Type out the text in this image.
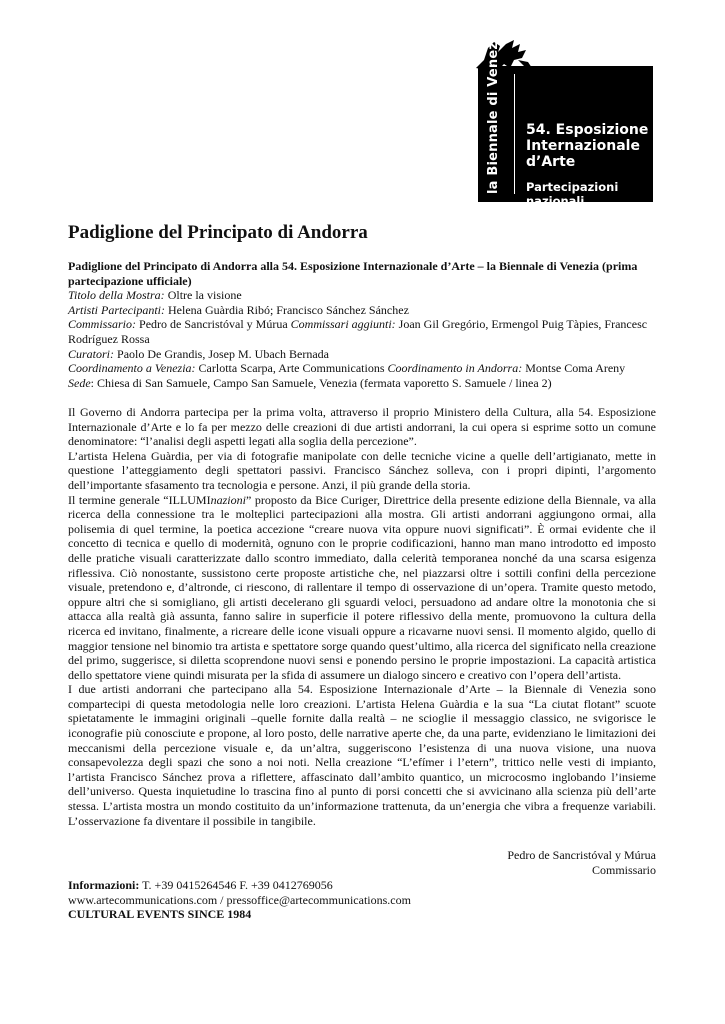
la Biennale di Venezia 54. Esposizione
Internazionale
d’Arte
Partecipazioni nazionali
Padiglione del Principato di Andorra

Padiglione del Principato di Andorra alla 54. Esposizione Internazionale d’Arte – la Biennale di Venezia (prima partecipazione ufficiale)

Titolo della Mostra: Oltre la visione

Artisti Partecipanti: Helena Guàrdia Ribó; Francisco Sánchez Sánchez

Commissario: Pedro de Sancristóval y Múrua Commissari aggiunti: Joan Gil Gregório, Ermengol Puig Tàpies, Francesc Rodríguez Rossa

Curatori: Paolo De Grandis, Josep M. Ubach Bernada

Coordinamento a Venezia: Carlotta Scarpa, Arte Communications Coordinamento in Andorra: Montse Coma Areny

Sede: Chiesa di San Samuele, Campo San Samuele, Venezia (fermata vaporetto S. Samuele / linea 2)

Il Governo di Andorra partecipa per la prima volta, attraverso il proprio Ministero della Cultura, alla 54. Esposizione Internazionale d’Arte e lo fa per mezzo delle creazioni di due artisti andorrani, la cui opera si esprime sotto un comune denominatore: “l’analisi degli aspetti legati alla soglia della percezione”.

L’artista Helena Guàrdia, per via di fotografie manipolate con delle tecniche vicine a quelle dell’artigianato, mette in questione l’atteggiamento degli spettatori passivi. Francisco Sánchez solleva, con i propri dipinti, l’argomento dell’importante sfasamento tra tecnologia e persone. Anzi, il più grande della storia.

Il termine generale “ILLUMInazioni” proposto da Bice Curiger, Direttrice della presente edizione della Biennale, va alla ricerca della connessione tra le molteplici partecipazioni alla mostra. Gli artisti andorrani aggiungono ormai, alla polisemia di quel termine, la poetica accezione “creare nuova vita oppure nuovi significati”. È ormai evidente che il concetto di tecnica e quello di modernità, ognuno con le proprie codificazioni, hanno man mano introdotto ed imposto delle pratiche visuali caratterizzate dallo scontro immediato, dalla celerità temporanea nonché da una scarsa esigenza riflessiva. Ciò nonostante, sussistono certe proposte artistiche che, nel piazzarsi oltre i sottili confini della percezione visuale, pretendono e, d’altronde, ci riescono, di rallentare il tempo di osservazione di un’opera. Tramite questo metodo, oppure altri che si somigliano, gli artisti decelerano gli sguardi veloci, persuadono ad andare oltre la monotonia che si attacca alla realtà già assunta, fanno salire in superficie il potere riflessivo della mente, promuovono la cultura della ricerca ed invitano, finalmente, a ricreare delle icone visuali oppure a ricavarne nuovi sensi. Il momento algido, quello di maggior tensione nel binomio tra artista e spettatore sorge quando quest’ultimo, alla ricerca del significato nella creazione del primo, suggerisce, si diletta scoprendone nuovi sensi e ponendo persino le proprie impostazioni. La capacità artistica dello spettatore viene quindi misurata per la sfida di assumere un dialogo sincero e creativo con l’opera dell’artista.

I due artisti andorrani che partecipano alla 54. Esposizione Internazionale d’Arte – la Biennale di Venezia sono compartecipi di questa metodologia nelle loro creazioni. L’artista Helena Guàrdia e la sua “La ciutat flotant” scuote spietatamente le immagini originali –quelle fornite dalla realtà – ne scioglie il messaggio classico, ne svigorisce le iconografie più conosciute e propone, al loro posto, delle narrative aperte che, da una parte, evidenziano le limitazioni dei meccanismi della percezione visuale e, da un’altra, suggeriscono l’esistenza di una nuova visione, una nuova consapevolezza degli spazi che sono a noi noti. Nella creazione “L’efímer i l’etern”, trittico nelle vesti di impianto, l’artista Francisco Sánchez prova a riflettere, affascinato dall’ambito quantico, un microcosmo inglobando l’insieme dell’universo. Questa inquietudine lo trascina fino al punto di porsi concetti che si avvicinano alla scienza più dell’arte stessa. L’artista mostra un mondo costituito da un’informazione trattenuta, da un’energia che vibra a frequenze variabili. L’osservazione fa diventare il possibile in tangibile.

Pedro de Sancristóval y Múrua
Commissario
Informazioni: T. +39 0415264546 F. +39 0412769056
www.artecommunications.com / pressoffice@artecommunications.com
CULTURAL EVENTS SINCE 1984
